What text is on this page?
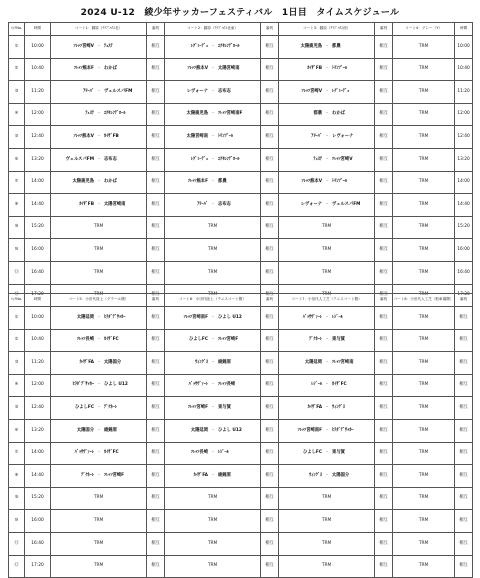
2024 U-12　綾少年サッカーフェスティバル　1日目　タイムスケジュール
ﾏｯﾁNo.	時間	コート1：錦原（ｸﾗﾌﾞﾊｳｽ北）			審判	コート2：錦原（ｸﾗﾌﾞﾊｳｽ北東）			審判	コート3：錦原（ｸﾗﾌﾞﾊｳｽ西）			審判	コート4：グレー（Y）	時間
①	10:00	ｿﾚｯｿ宮崎V	-	ﾃｭｽﾃ	相互	ﾚｸﾞﾐｰﾃﾞｭ	-	ｴｸｾﾚﾝﾃﾞﾛｰﾙ	相互	太陽鹿児島	-	都農	相互	TRM	10:00
②	10:40	ｿﾚｯｿ熊本F	-	わかば	相互	ｿﾚｯｿ熊本V	-	太陽宮崎南	相互	ｶｲｻﾞFB	-	ﾄﾘﾝﾌﾟｰﾙ	相互	TRM	10:40
③	11:20	ｱﾘｰﾊﾞ	-	ヴェルスパFM	相互	レヴォーナ	-	志布志	相互	ｿﾚｯｿ宮崎V	-	ﾚｸﾞﾐｰﾃﾞｭ	相互	TRM	11:20
④	12:00	ﾃｭｽﾃ	-	ｴｸｾﾚﾝﾃﾞﾛｰﾙ	相互	太陽鹿児島	-	ｿﾚｯｿ宮崎南F	相互	都農	-	わかば	相互	TRM	12:00
⑤	12:40	ｿﾚｯｿ熊本V	-	ｶｲｻﾞFB	相互	太陽宮崎南	-	ﾄﾘﾝﾌﾟｰﾙ	相互	ｱﾘｰﾊﾞ	-	レヴォーナ	相互	TRM	12:40
⑥	13:20	ヴェルスパFM	-	志布志	相互	ﾚｸﾞﾐｰﾃﾞｭ	-	ｴｸｾﾚﾝﾃﾞﾛｰﾙ	相互	ﾃｭｽﾃ	-	ｿﾚｯｿ宮崎V	相互	TRM	13:20
⑦	14:00	太陽鹿児島	-	わかば	相互	ｿﾚｯｿ熊本F	-	都農	相互	ｿﾚｯｿ熊本V	-	ﾄﾘﾝﾌﾟｰﾙ	相互	TRM	14:00
⑧	14:40	ｶｲｻﾞFB	-	太陽宮崎南	相互	ｱﾘｰﾊﾞ	-	志布志	相互	レヴォーナ	-	ヴェルスパFM	相互	TRM	14:40
⑨	15:20	TRM			相互	TRM			相互	TRM			相互	TRM	15:20
⑩	16:00	TRM			相互	TRM			相互	TRM			相互	TRM	16:00
⑪	16:40	TRM			相互	TRM			相互	TRM			相互	TRM	16:40
⑫	17:20	TRM			相互	TRM			相互	TRM			相互	TRM	17:20
ﾏｯﾁNo.	時間	コート5：小田代陸上（グラール側）			審判	コート6：小田代陸上（テニスコート側）			審判	コート7：小田代人工芝（テニスコート側）			審判	コート8：小田代人工芝（駐車場側）	審判
①	10:00	太陽延岡	-	ﾋﾗﾀﾞﾃﾞｻｯｶｰ	相互	ｿﾚｯｿ宮崎南F	-	ひよし U12	相互	ﾊﾞｯｻｳﾞｧｰﾚ	-	ﾚｼﾞｰﾙ	相互	TRM	相互
②	10:40	ｿﾚｯｿ長崎	-	ｶｲｻﾞFC	相互	ひよしFC	-	ｿﾚｯｿ宮崎F	相互	ﾃﾞｸﾈｰﾚ	-	東与賀	相互	TRM	相互
③	11:20	ｶｲｻﾞFA	-	太陽国分	相互	ｳｨﾝｸﾞｽ	-	綾錦原	相互	太陽延岡	-	ｿﾚｯｿ宮崎南	相互	TRM	相互
④	12:00	ﾋﾗﾀﾞﾃﾞｻｯｶｰ	-	ひよし U12	相互	ﾊﾞｯｻｳﾞｧｰﾚ	-	ｿﾚｯｿ長崎	相互	ﾚｼﾞｰﾙ	-	ｶｲｻﾞFC	相互	TRM	相互
⑤	12:40	ひよしFC	-	ﾃﾞｸﾈｰﾚ	相互	ｿﾚｯｿ宮崎F	-	東与賀	相互	ｶｲｻﾞFA	-	ｳｨﾝｸﾞｽ	相互	TRM	相互
⑥	13:20	太陽国分	-	綾錦原	相互	太陽延岡	-	ひよし U12	相互	ｿﾚｯｿ宮崎南F	-	ﾋﾗﾀﾞﾃﾞｻｯｶｰ	相互	TRM	相互
⑦	14:00	ﾊﾞｯｻｳﾞｧｰﾚ	-	ｶｲｻﾞFC	相互	ｿﾚｯｿ長崎	-	ﾚｼﾞｰﾙ	相互	ひよしFC	-	東与賀	相互	TRM	相互
⑧	14:40	ﾃﾞｸﾈｰﾚ	-	ｿﾚｯｿ宮崎F	相互	ｶｲｻﾞFA	-	綾錦原	相互	ｳｨﾝｸﾞｽ	-	太陽国分	相互	TRM	相互
⑨	15:20	TRM			相互	TRM			相互	TRM			相互	TRM	相互
⑩	16:00	TRM			相互	TRM			相互	TRM			相互	TRM	相互
⑪	16:40	TRM			相互	TRM			相互	TRM			相互	TRM	相互
⑫	17:20	TRM			相互	TRM			相互	TRM			相互	TRM	相互
